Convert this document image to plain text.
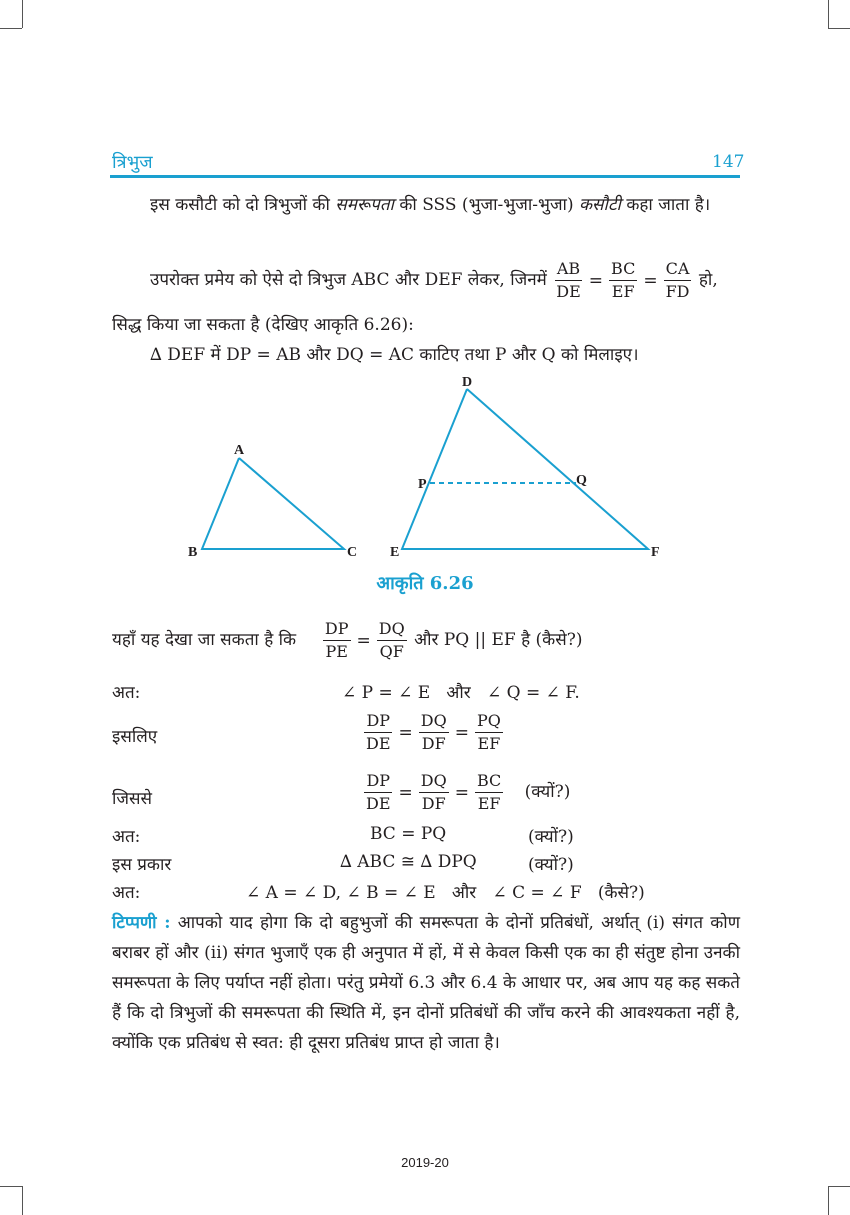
त्रिभुज	147
इस कसौटी को दो त्रिभुजों की समरूपता की SSS (भुजा-भुजा-भुजा) कसौटी कहा जाता है।
उपरोक्त प्रमेय को ऐसे दो त्रिभुज ABC और DEF लेकर, जिनमें $\frac{AB}{DE} = \frac{BC}{EF} = \frac{CA}{FD}$ हो,
सिद्ध किया जा सकता है (देखिए आकृति 6.26):
∆ DEF में DP = AB और DQ = AC काटिए तथा P और Q को मिलाइए।
A
B	C
D
E	F
P	Q
आकृति 6.26
यहाँ यह देखा जा सकता है कि $\frac{DP}{PE} = \frac{DQ}{QF}$ और PQ || EF है (कैसे?)
अत:	∠ P = ∠ E   और   ∠ Q = ∠ F.
इसलिए	$\frac{DP}{DE} = \frac{DQ}{DF} = \frac{PQ}{EF}$
जिससे	$\frac{DP}{DE} = \frac{DQ}{DF} = \frac{BC}{EF}$ (क्यों?)
अत:	BC = PQ	(क्यों?)
इस प्रकार	∆ ABC ≅ ∆ DPQ	(क्यों?)
अत:	∠ A = ∠ D, ∠ B = ∠ E   और   ∠ C = ∠ F   (कैसे?)
टिप्पणी : आपको याद होगा कि दो बहुभुजों की समरूपता के दोनों प्रतिबंधों, अर्थात् (i) संगत कोण बराबर हों और (ii) संगत भुजाएँ एक ही अनुपात में हों, में से केवल किसी एक का ही संतुष्ट होना उनकी समरूपता के लिए पर्याप्त नहीं होता। परंतु प्रमेयों 6.3 और 6.4 के आधार पर, अब आप यह कह सकते हैं कि दो त्रिभुजों की समरूपता की स्थिति में, इन दोनों प्रतिबंधों की जाँच करने की आवश्यकता नहीं है, क्योंकि एक प्रतिबंध से स्वत: ही दूसरा प्रतिबंध प्राप्त हो जाता है।
2019-20
